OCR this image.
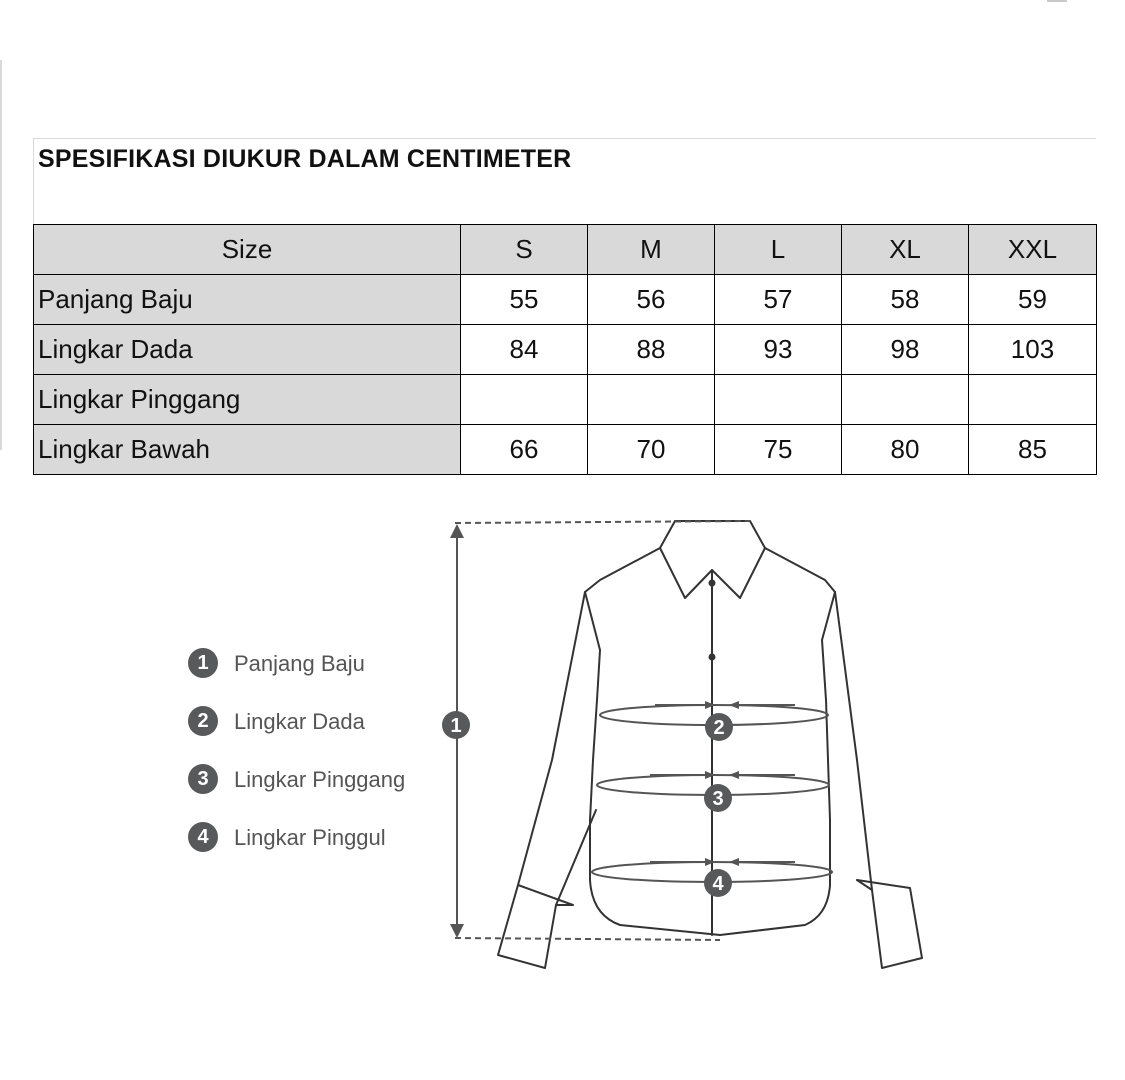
SPESIFIKASI DIUKUR DALAM CENTIMETER
Size	S	M	L	XL	XXL
Panjang Baju	55	56	57	58	59
Lingkar Dada	84	88	93	98	103
Lingkar Pinggang					
Lingkar Bawah	66	70	75	80	85
1	2
3
4
1	Panjang Baju
2	Lingkar Dada
3	Lingkar Pinggang
4	Lingkar Pinggul
